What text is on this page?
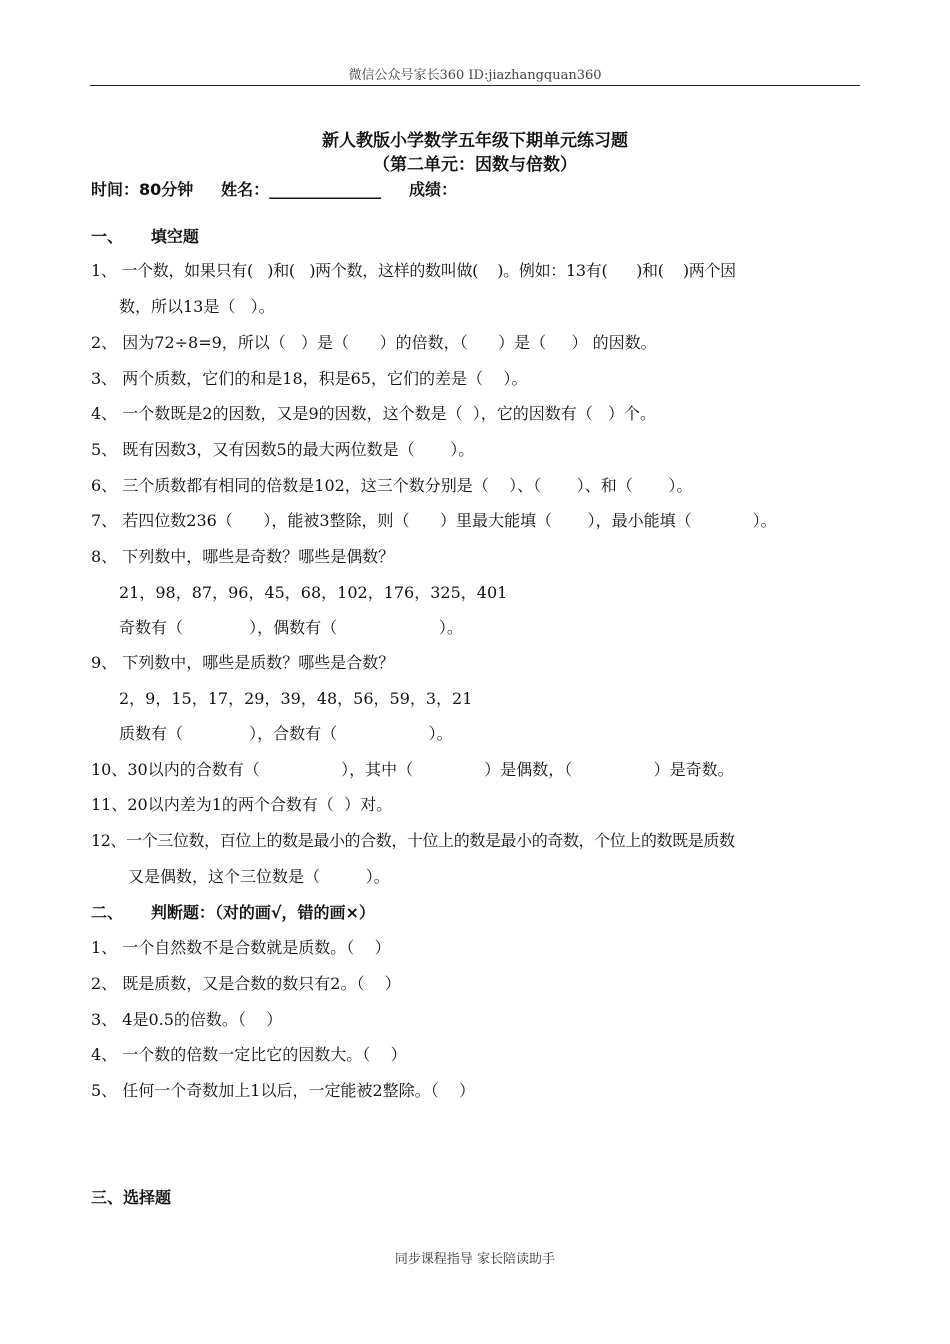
微信公众号家长360 ID:jiazhangquan360
新人教版小学数学五年级下期单元练习题
（第二单元：因数与倍数）
时间：80分钟     姓名：______________     成绩：
一、     填空题
1、 一个数，如果只有(   )和(   )两个数，这样的数叫做(    )。例如：13有(      )和(    )两个因
数，所以13是（   ）。
2、 因为72÷8=9，所以（   ）是（      ）的倍数，（      ）是（     ） 的因数。
3、 两个质数，它们的和是18，积是65，它们的差是（    ）。
4、 一个数既是2的因数，又是9的因数，这个数是（  ），它的因数有（   ）个。
5、 既有因数3，又有因数5的最大两位数是（       ）。
6、 三个质数都有相同的倍数是102，这三个数分别是（    ）、（       ）、和（       ）。
7、 若四位数236（      ），能被3整除，则（      ）里最大能填（       ），最小能填（            ）。
8、 下列数中，哪些是奇数？哪些是偶数？
21，98，87，96，45，68，102，176，325，401
奇数有（             ），偶数有（                    ）。
9、 下列数中，哪些是质数？哪些是合数？
2，9，15，17，29，39，48，56，59，3，21
质数有（             ），合数有（                  ）。
10、30以内的合数有（                ），其中（              ）是偶数，（                ）是奇数。
11、20以内差为1的两个合数有（  ）对。
12、一个三位数，百位上的数是最小的合数，十位上的数是最小的奇数，个位上的数既是质数
又是偶数，这个三位数是（         ）。
二、     判断题：（对的画√，错的画×）
1、 一个自然数不是合数就是质数。（    ）
2、 既是质数，又是合数的数只有2。（    ）
3、 4是0.5的倍数。（    ）
4、 一个数的倍数一定比它的因数大。（    ）
5、 任何一个奇数加上1以后，一定能被2整除。（    ）
三、选择题
同步课程指导 家长陪读助手
